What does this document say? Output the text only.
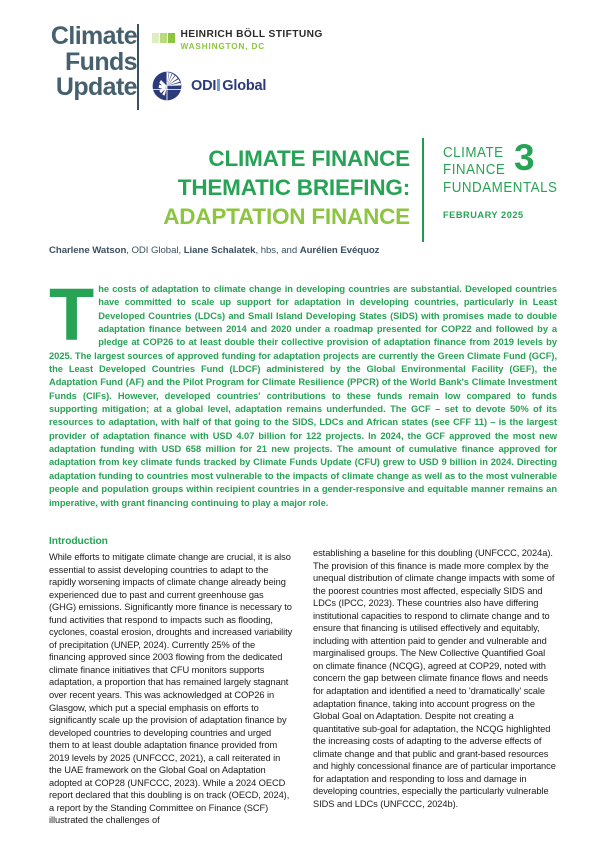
Climate
Funds
Update
HEINRICH BÖLL STIFTUNG
WASHINGTON, DC
ODI Global
CLIMATE FINANCE
THEMATIC BRIEFING:
ADAPTATION FINANCE
CLIMATE
FINANCE
FUNDAMENTALS
3
FEBRUARY 2025
Charlene Watson, ODI Global, Liane Schalatek, hbs, and Aurélien Evéquoz
The costs of adaptation to climate change in developing countries are substantial. Developed countries have committed to scale up support for adaptation in developing countries, particularly in Least Developed Countries (LDCs) and Small Island Developing States (SIDS) with promises made to double adaptation finance between 2014 and 2020 under a roadmap presented for COP22 and followed by a pledge at COP26 to at least double their collective provision of adaptation finance from 2019 levels by 2025. The largest sources of approved funding for adaptation projects are currently the Green Climate Fund (GCF), the Least Developed Countries Fund (LDCF) administered by the Global Environmental Facility (GEF), the Adaptation Fund (AF) and the Pilot Program for Climate Resilience (PPCR) of the World Bank's Climate Investment Funds (CIFs). However, developed countries' contributions to these funds remain low compared to funds supporting mitigation; at a global level, adaptation remains underfunded. The GCF – set to devote 50% of its resources to adaptation, with half of that going to the SIDS, LDCs and African states (see CFF 11) – is the largest provider of adaptation finance with USD 4.07 billion for 122 projects. In 2024, the GCF approved the most new adaptation funding with USD 658 million for 21 new projects. The amount of cumulative finance approved for adaptation from key climate funds tracked by Climate Funds Update (CFU) grew to USD 9 billion in 2024. Directing adaptation funding to countries most vulnerable to the impacts of climate change as well as to the most vulnerable people and population groups within recipient countries in a gender-responsive and equitable manner remains an imperative, with grant financing continuing to play a major role.
Introduction
While efforts to mitigate climate change are crucial, it is also essential to assist developing countries to adapt to the rapidly worsening impacts of climate change already being experienced due to past and current greenhouse gas (GHG) emissions. Significantly more finance is necessary to fund activities that respond to impacts such as flooding, cyclones, coastal erosion, droughts and increased variability of precipitation (UNEP, 2024). Currently 25% of the financing approved since 2003 flowing from the dedicated climate finance initiatives that CFU monitors supports adaptation, a proportion that has remained largely stagnant over recent years. This was acknowledged at COP26 in Glasgow, which put a special emphasis on efforts to significantly scale up the provision of adaptation finance by developed countries to developing countries and urged them to at least double adaptation finance provided from 2019 levels by 2025 (UNFCCC, 2021), a call reiterated in the UAE framework on the Global Goal on Adaptation adopted at COP28 (UNFCCC, 2023). While a 2024 OECD report declared that this doubling is on track (OECD, 2024), a report by the Standing Committee on Finance (SCF) illustrated the challenges of
establishing a baseline for this doubling (UNFCCC, 2024a). The provision of this finance is made more complex by the unequal distribution of climate change impacts with some of the poorest countries most affected, especially SIDS and LDCs (IPCC, 2023). These countries also have differing institutional capacities to respond to climate change and to ensure that financing is utilised effectively and equitably, including with attention paid to gender and vulnerable and marginalised groups. The New Collective Quantified Goal on climate finance (NCQG), agreed at COP29, noted with concern the gap between climate finance flows and needs for adaptation and identified a need to 'dramatically' scale adaptation finance, taking into account progress on the Global Goal on Adaptation. Despite not creating a quantitative sub-goal for adaptation, the NCQG highlighted the increasing costs of adapting to the adverse effects of climate change and that public and grant-based resources and highly concessional finance are of particular importance for adaptation and responding to loss and damage in developing countries, especially the particularly vulnerable SIDS and LDCs (UNFCCC, 2024b).
